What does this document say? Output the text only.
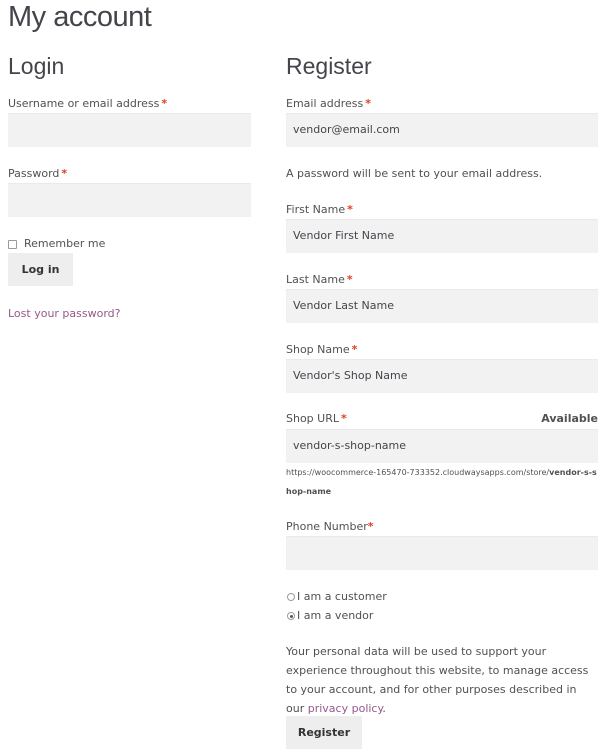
My account
Login
Username or email address *
Password *
Remember me
Log in
Lost your password?
Register
Email address *
vendor@email.com
A password will be sent to your email address.
First Name *
Vendor First Name
Last Name *
Vendor Last Name
Shop Name *
Vendor's Shop Name
Shop URL *	Available
vendor-s-shop-name
https://woocommerce-165470-733352.cloudwaysapps.com/store/vendor-s-shop-name
Phone Number*
I am a customer
I am a vendor

Your personal data will be used to support your experience throughout this website, to manage access to your account, and for other purposes described in our privacy policy.

Register
